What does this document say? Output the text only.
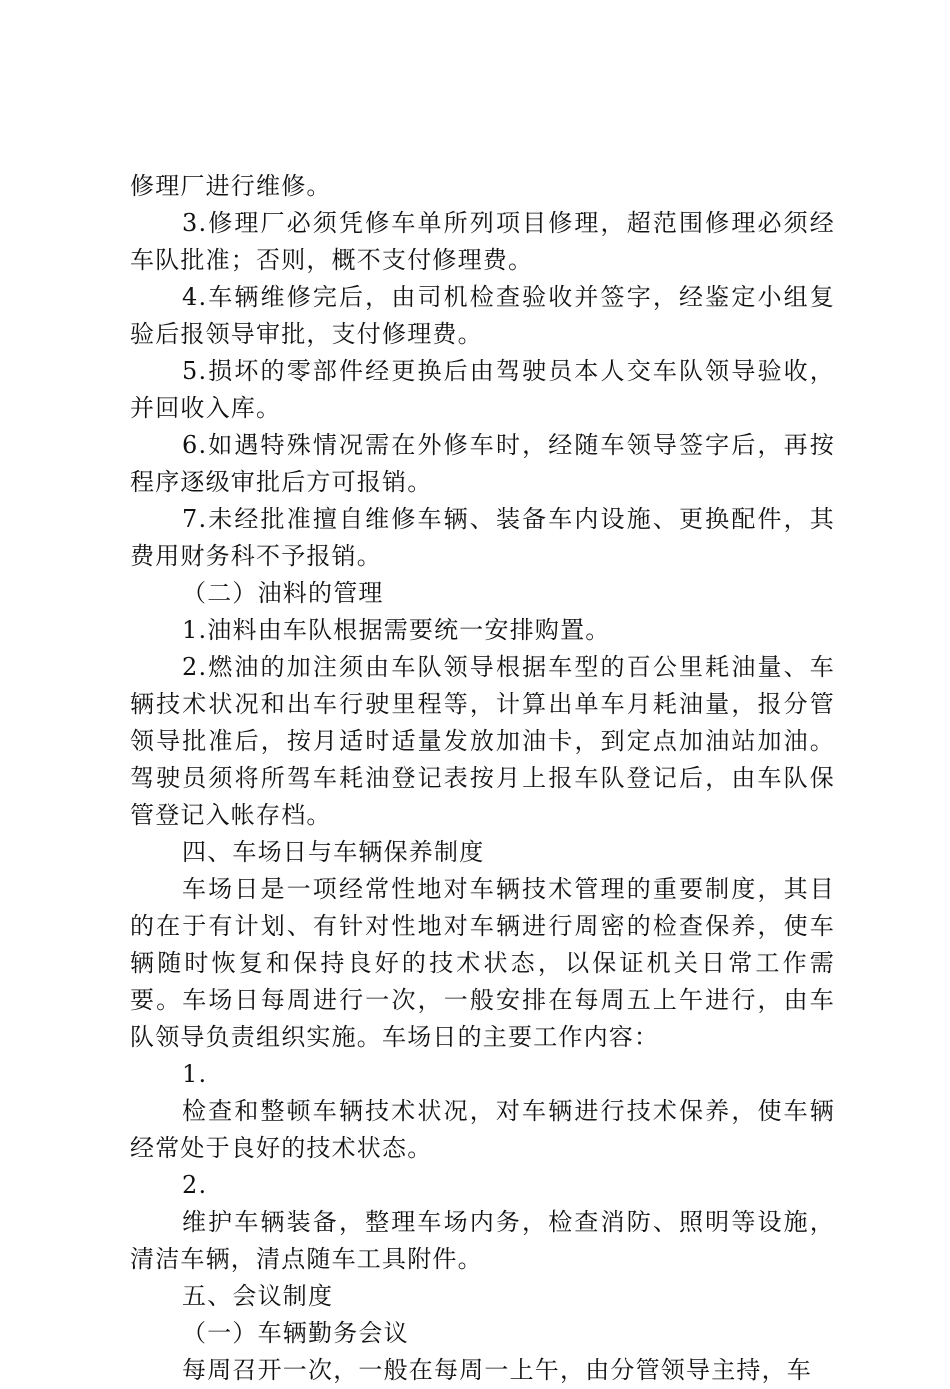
修理厂进行维修。

3.修理厂必须凭修车单所列项目修理，超范围修理必须经车队批准；否则，概不支付修理费。

4.车辆维修完后，由司机检查验收并签字，经鉴定小组复验后报领导审批，支付修理费。

5.损坏的零部件经更换后由驾驶员本人交车队领导验收，并回收入库。

6.如遇特殊情况需在外修车时，经随车领导签字后，再按程序逐级审批后方可报销。

7.未经批准擅自维修车辆、装备车内设施、更换配件，其费用财务科不予报销。

（二）油料的管理

1.油料由车队根据需要统一安排购置。

2.燃油的加注须由车队领导根据车型的百公里耗油量、车辆技术状况和出车行驶里程等，计算出单车月耗油量，报分管领导批准后，按月适时适量发放加油卡，到定点加油站加油。驾驶员须将所驾车耗油登记表按月上报车队登记后，由车队保管登记入帐存档。

四、车场日与车辆保养制度

车场日是一项经常性地对车辆技术管理的重要制度，其目的在于有计划、有针对性地对车辆进行周密的检查保养，使车辆随时恢复和保持良好的技术状态，以保证机关日常工作需要。车场日每周进行一次，一般安排在每周五上午进行，由车队领导负责组织实施。车场日的主要工作内容：

1.

检查和整顿车辆技术状况，对车辆进行技术保养，使车辆经常处于良好的技术状态。

2.

维护车辆装备，整理车场内务，检查消防、照明等设施，清洁车辆，清点随车工具附件。

五、会议制度

（一）车辆勤务会议

每周召开一次，一般在每周一上午，由分管领导主持，车
